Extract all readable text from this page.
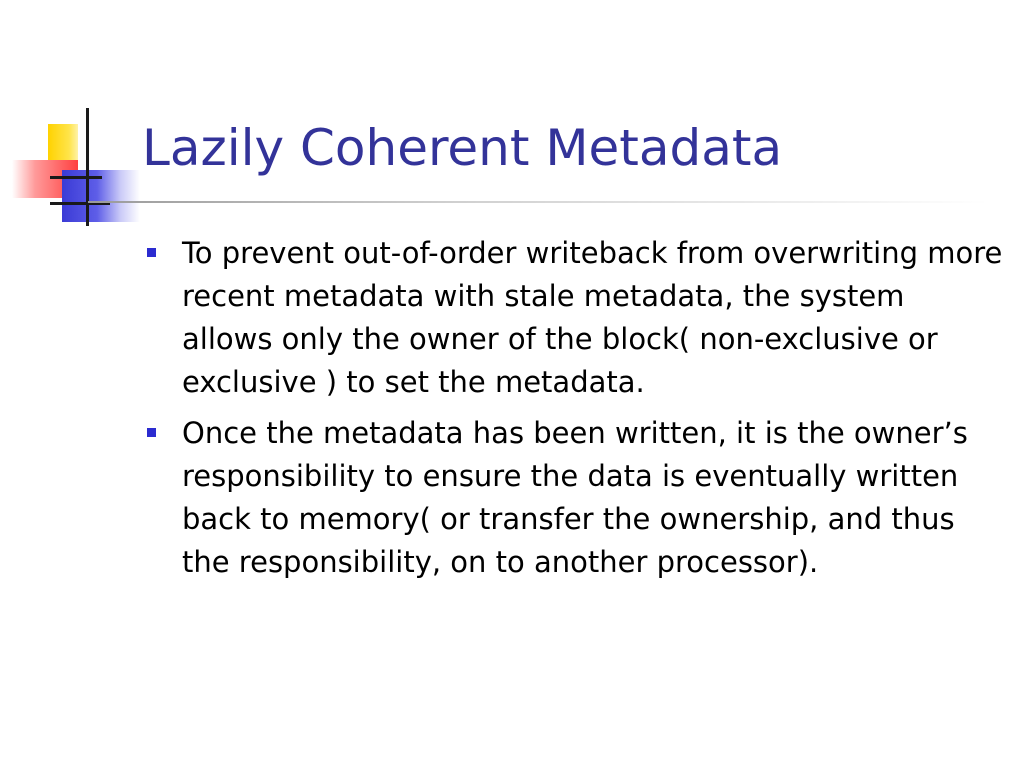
Lazily Coherent Metadata

To prevent out-of-order writeback from overwriting more recent metadata with stale metadata, the system allows only the owner of the block( non-exclusive or exclusive ) to set the metadata.

Once the metadata has been written, it is the owner’s responsibility to ensure the data is eventually written back to memory( or transfer the ownership, and thus the responsibility, on to another processor).
